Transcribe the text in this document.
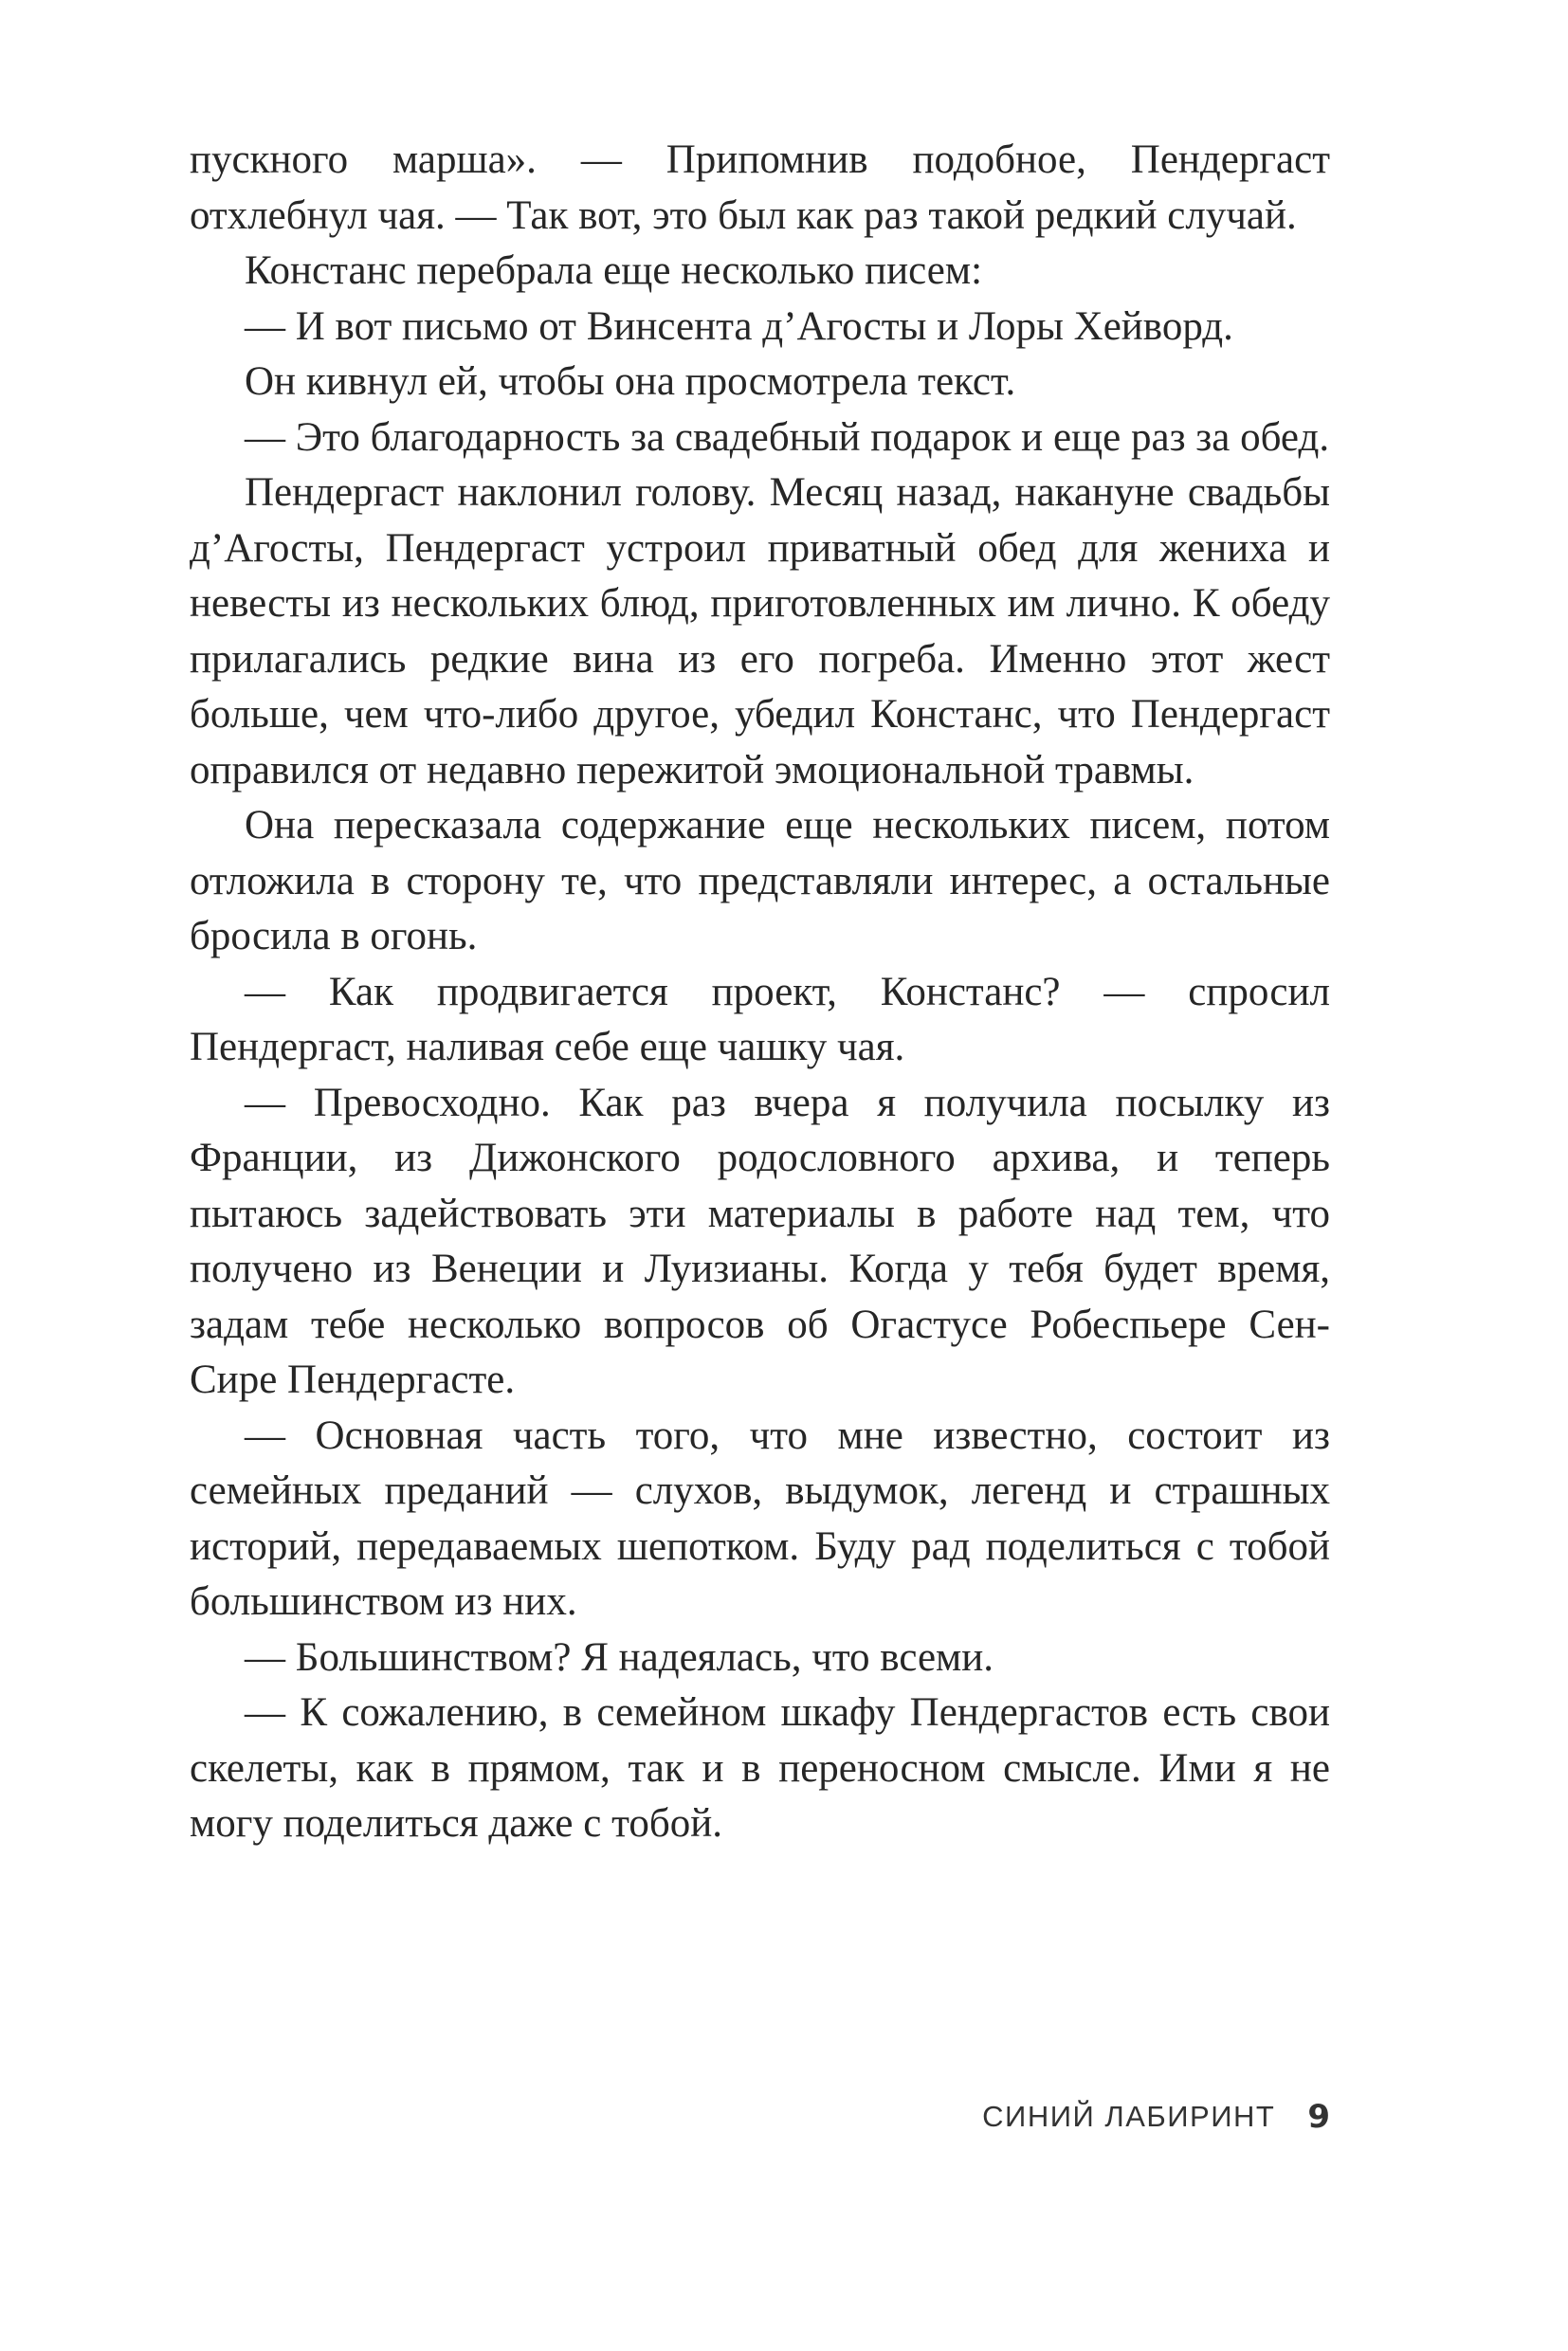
пускного марша». — Припомнив подобное, Пендергаст отхлебнул чая. — Так вот, это был как раз такой редкий случай.

Констанс перебрала еще несколько писем:

— И вот письмо от Винсента д’Агосты и Лоры Хейворд.

Он кивнул ей, чтобы она просмотрела текст.

— Это благодарность за свадебный подарок и еще раз за обед.

Пендергаст наклонил голову. Месяц назад, накануне свадьбы д’Агосты, Пендергаст устроил приватный обед для жениха и невесты из нескольких блюд, приготовленных им лично. К обеду прилагались редкие вина из его погреба. Именно этот жест больше, чем что-либо другое, убедил Констанс, что Пендергаст оправился от недавно пережитой эмоциональной травмы.

Она пересказала содержание еще нескольких писем, потом отложила в сторону те, что представляли интерес, а остальные бросила в огонь.

— Как продвигается проект, Констанс? — спросил Пендергаст, наливая себе еще чашку чая.

— Превосходно. Как раз вчера я получила посылку из Франции, из Дижонского родословного архива, и теперь пытаюсь задействовать эти материалы в работе над тем, что получено из Венеции и Луизианы. Когда у тебя будет время, задам тебе несколько вопросов об Огастусе Робеспьере Сен-Сире Пендергасте.

— Основная часть того, что мне известно, состоит из семейных преданий — слухов, выдумок, легенд и страшных историй, передаваемых шепотком. Буду рад поделиться с тобой большинством из них.

— Большинством? Я надеялась, что всеми.

— К сожалению, в семейном шкафу Пендергастов есть свои скелеты, как в прямом, так и в переносном смысле. Ими я не могу поделиться даже с тобой.

СИНИЙ ЛАБИРИНТ 9
